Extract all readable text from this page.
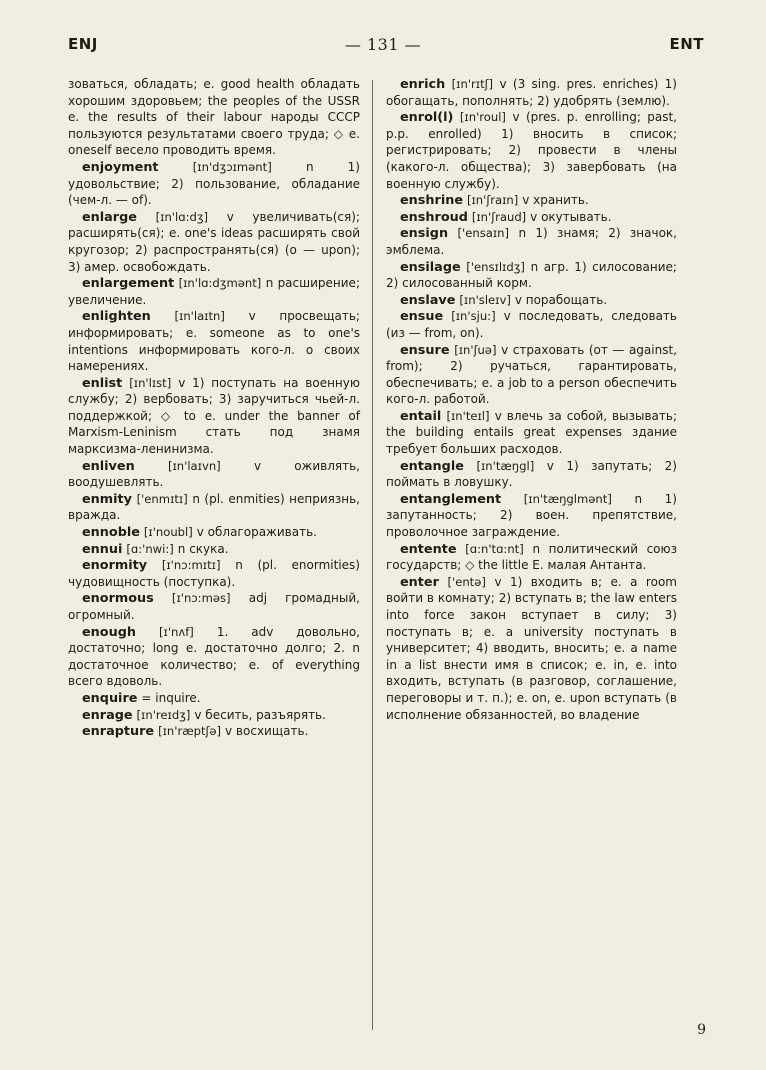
ENJ	— 131 —	ENT

зоваться, обладать; e. good health обладать хорошим здоровьем; the peoples of the USSR e. the results of their labour народы СССР пользуются результатами своего труда; ◇ e. oneself весело проводить время.

enjoyment	[ɪn'dʒɔɪmənt]	n 1) удовольствие; 2) пользование, обладание (чем-л. — of).

enlarge [ɪn'lɑ:dʒ] v увеличивать(ся); расширять(ся); e. one's ideas расширять свой кругозор; 2) распространять(ся) (о — upon); 3) амер. освобождать.

enlargement [ɪn'lɑ:dʒmənt] n расширение; увеличение.

enlighten [ɪn'laɪtn] v просвещать; информировать; e. someone as to one's intentions информировать кого-л. о своих намерениях.

enlist [ɪn'lɪst] v 1) поступать на военную службу; 2) вербовать; 3) заручиться чьей-л. поддержкой; ◇ to e. under the banner of Marxism-Leninism стать под знамя марксизма-ленинизма.

enliven	[ɪn'laɪvn]	v оживлять, воодушевлять.

enmity ['enmɪtɪ] n (pl. enmities) неприязнь, вражда.

ennoble [ɪ'noubl] v облагораживать.

ennui [ɑ:'nwi:] n скука.

enormity [ɪ'nɔ:mɪtɪ] n (pl. enormities) чудовищность (поступка).

enormous [ɪ'nɔ:məs] adj громадный, огромный.

enough [ɪ'nʌf] 1. adv довольно, достаточно; long e. достаточно долго; 2. n достаточное количество; e. of everything всего вдоволь.

enquire = inquire.

enrage [ɪn'reɪdʒ] v бесить, разъярять.

enrapture [ɪn'ræptʃə] v восхищать.

enrich [ɪn'rɪtʃ] v (3 sing. pres. enriches) 1) обогащать, пополнять; 2) удобрять (землю).

enrol(l) [ɪn'roul] v (pres. p. enrolling; past, p.p. enrolled) 1) вносить в список; регистрировать; 2) провести в члены (какого-л. общества); 3) завербовать (на военную службу).

enshrine [ɪn'ʃraɪn] v хранить.

enshroud [ɪn'ʃraud] v окутывать.

ensign ['ensaɪn] n 1) знамя; 2) значок, эмблема.

ensilage ['ensɪlɪdʒ] n агр. 1) силосование; 2) силосованный корм.

enslave [ɪn'sleɪv] v порабощать.

ensue [ɪn'sju:] v последовать, следовать (из — from, on).

ensure [ɪn'ʃuə] v страховать (от — against, from); 2) ручаться, гарантировать, обеспечивать; e. a job to a person обеспечить кого-л. работой.

entail [ɪn'teɪl] v влечь за собой, вызывать; the building entails great expenses здание требует больших расходов.

entangle [ɪn'tæŋgl] v 1) запутать; 2) поймать в ловушку.

entanglement [ɪn'tæŋglmənt] n 1) запутанность; 2) воен. препятствие, проволочное заграждение.

entente [ɑ:n'tɑ:nt] n политический союз государств; ◇ the little E. малая Антанта.

enter ['entə] v 1) входить в; e. a room войти в комнату; 2) вступать в; the law enters into force закон вступает в силу; 3) поступать в; e. a university поступать в университет; 4) вводить, вносить; e. a name in a list внести имя в список; e. in, e. into входить, вступать (в разговор, соглашение, переговоры и т. п.); e. on, e. upon вступать (в исполнение обязанностей, во владение

9
